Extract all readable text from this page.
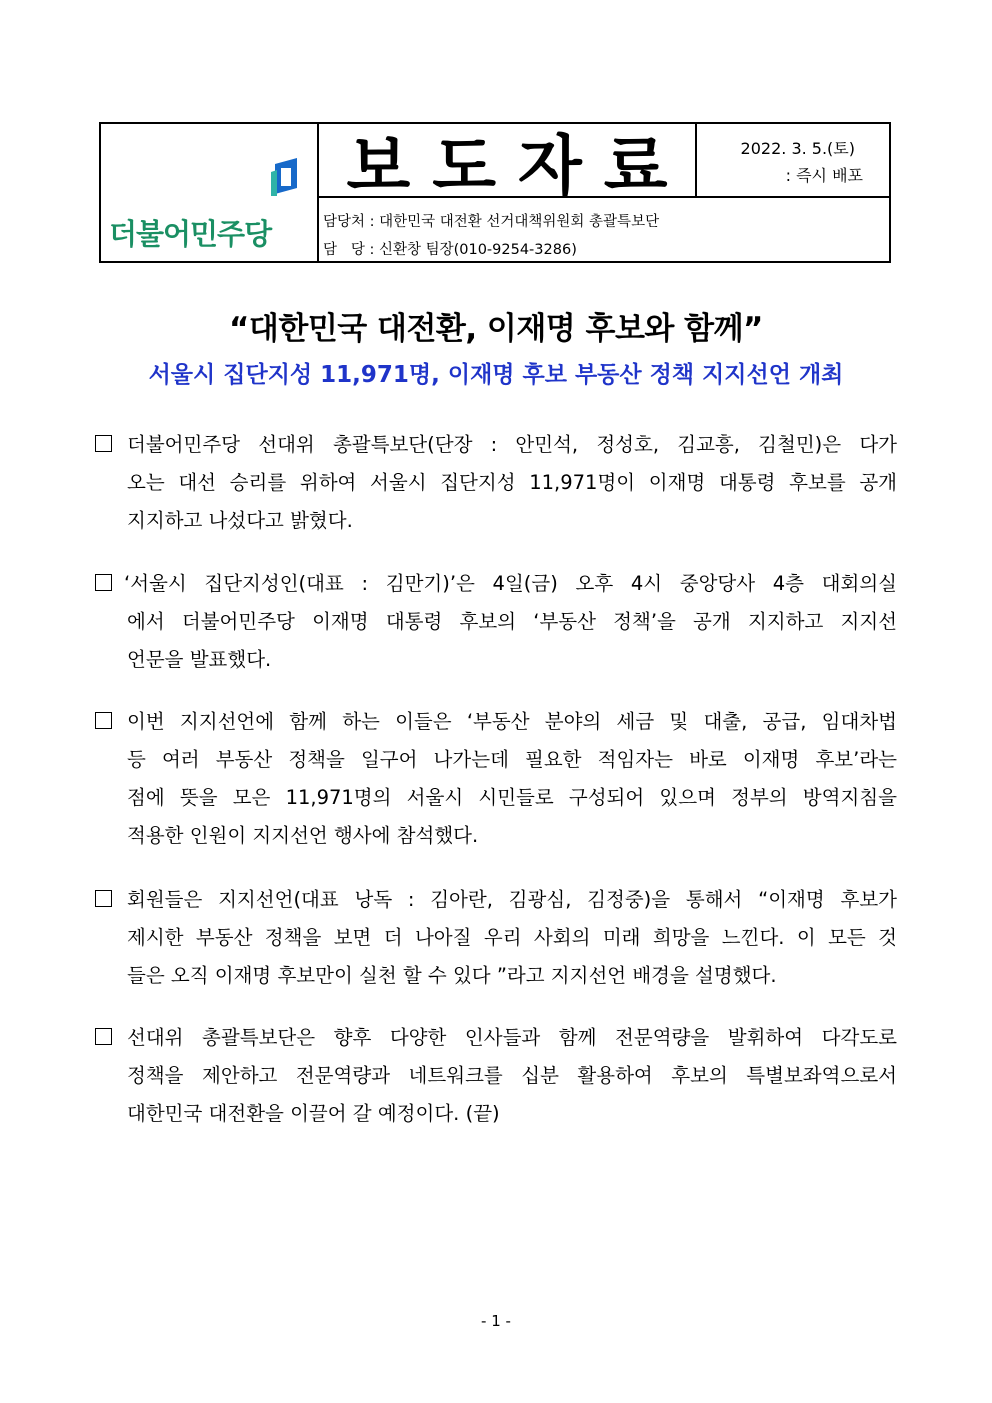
더불어민주당
보도자료	2022. 3. 5.(토)
: 즉시 배포
담당처 : 대한민국 대전환 선거대책위원회 총괄특보단
담   당 : 신환창 팀장(010-9254-3286)
“대한민국 대전환, 이재명 후보와 함께”
서울시 집단지성 11,971명, 이재명 후보 부동산 정책 지지선언 개최
더불어민주당 선대위 총괄특보단(단장 : 안민석, 정성호, 김교흥, 김철민)은 다가
오는 대선 승리를 위하여 서울시 집단지성 11,971명이 이재명 대통령 후보를 공개
지지하고 나섰다고 밝혔다.
‘서울시 집단지성인(대표 : 김만기)’은 4일(금) 오후 4시 중앙당사 4층 대회의실
에서 더불어민주당 이재명 대통령 후보의 ‘부동산 정책’을 공개 지지하고 지지선
언문을 발표했다.
이번 지지선언에 함께 하는 이들은 ‘부동산 분야의 세금 및 대출, 공급, 임대차법
등 여러 부동산 정책을 일구어 나가는데 필요한 적임자는 바로 이재명 후보’라는
점에 뜻을 모은 11,971명의 서울시 시민들로 구성되어 있으며 정부의 방역지침을
적용한 인원이 지지선언 행사에 참석했다.
회원들은 지지선언(대표 낭독 : 김아란, 김광심, 김정중)을 통해서 “이재명 후보가
제시한 부동산 정책을 보면 더 나아질 우리 사회의 미래 희망을 느낀다. 이 모든 것
들은 오직 이재명 후보만이 실천 할 수 있다 ”라고 지지선언 배경을 설명했다.
선대위 총괄특보단은 향후 다양한 인사들과 함께 전문역량을 발휘하여 다각도로
정책을 제안하고 전문역량과 네트워크를 십분 활용하여 후보의 특별보좌역으로서
대한민국 대전환을 이끌어 갈 예정이다. (끝)
- 1 -
